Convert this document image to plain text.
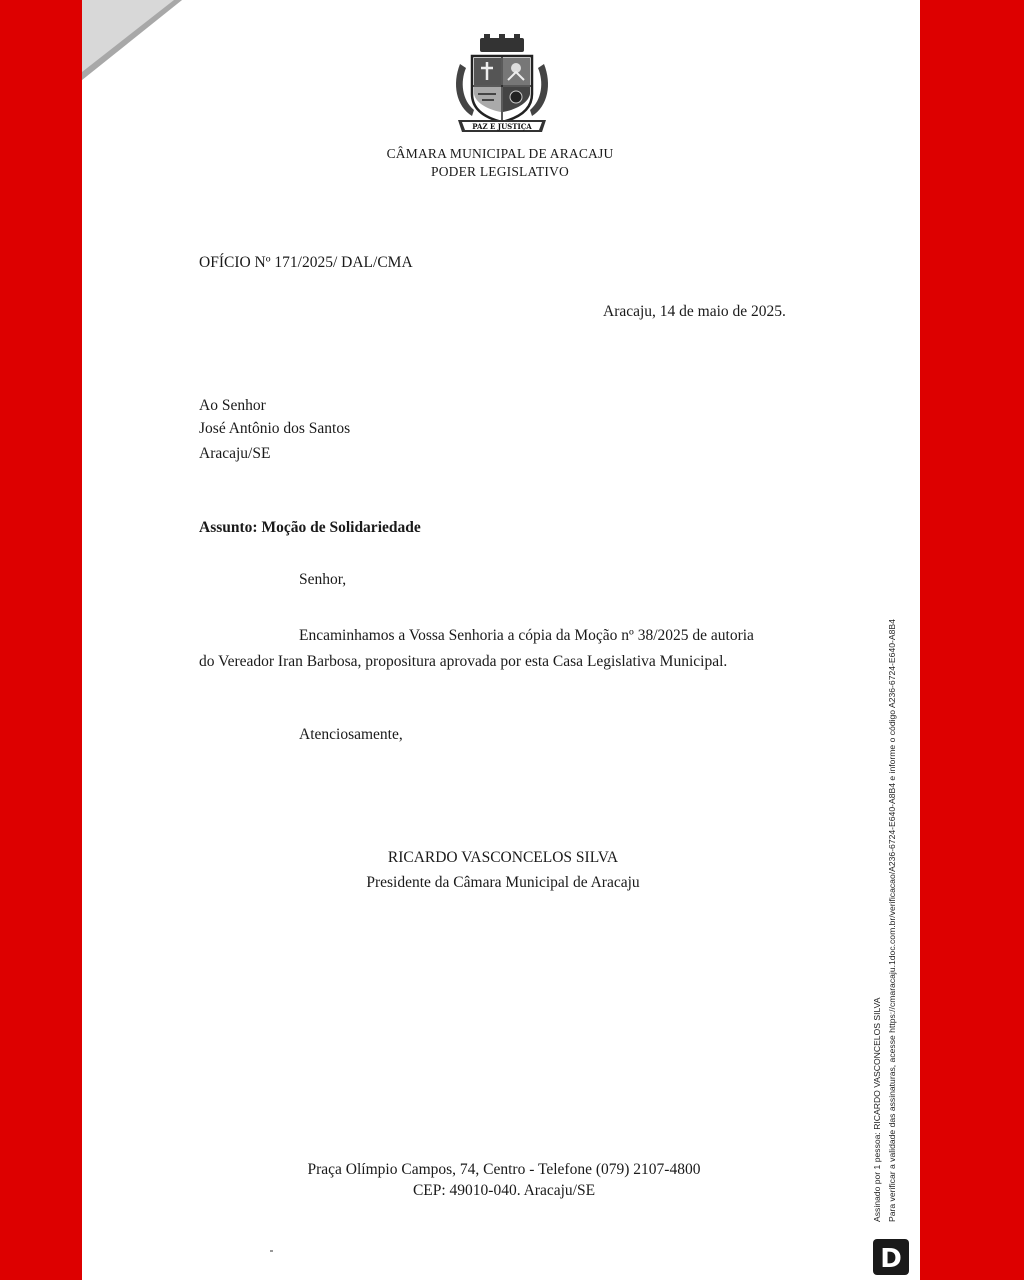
PAZ E JUSTIÇA
CÂMARA MUNICIPAL DE ARACAJU
PODER LEGISLATIVO
OFÍCIO Nº 171/2025/ DAL/CMA
Aracaju, 14 de maio de 2025.
Ao Senhor
José Antônio dos Santos
Aracaju/SE
Assunto: Moção de Solidariedade
Senhor,
Encaminhamos a Vossa Senhoria a cópia da Moção nº 38/2025 de autoria
do Vereador Iran Barbosa, propositura aprovada por esta Casa Legislativa Municipal.
Atenciosamente,
RICARDO VASCONCELOS SILVA
Presidente da Câmara Municipal de Aracaju
Praça Olímpio Campos, 74, Centro - Telefone (079) 2107-4800
CEP: 49010-040. Aracaju/SE	Assinado por 1 pessoa: RICARDO VASCONCELOS SILVA Para verificar a validade das assinaturas, acesse https://cmaracaju.1doc.com.br/verificacao/A236-6724-E640-A8B4 e informe o código A236-6724-E640-A8B4
D
